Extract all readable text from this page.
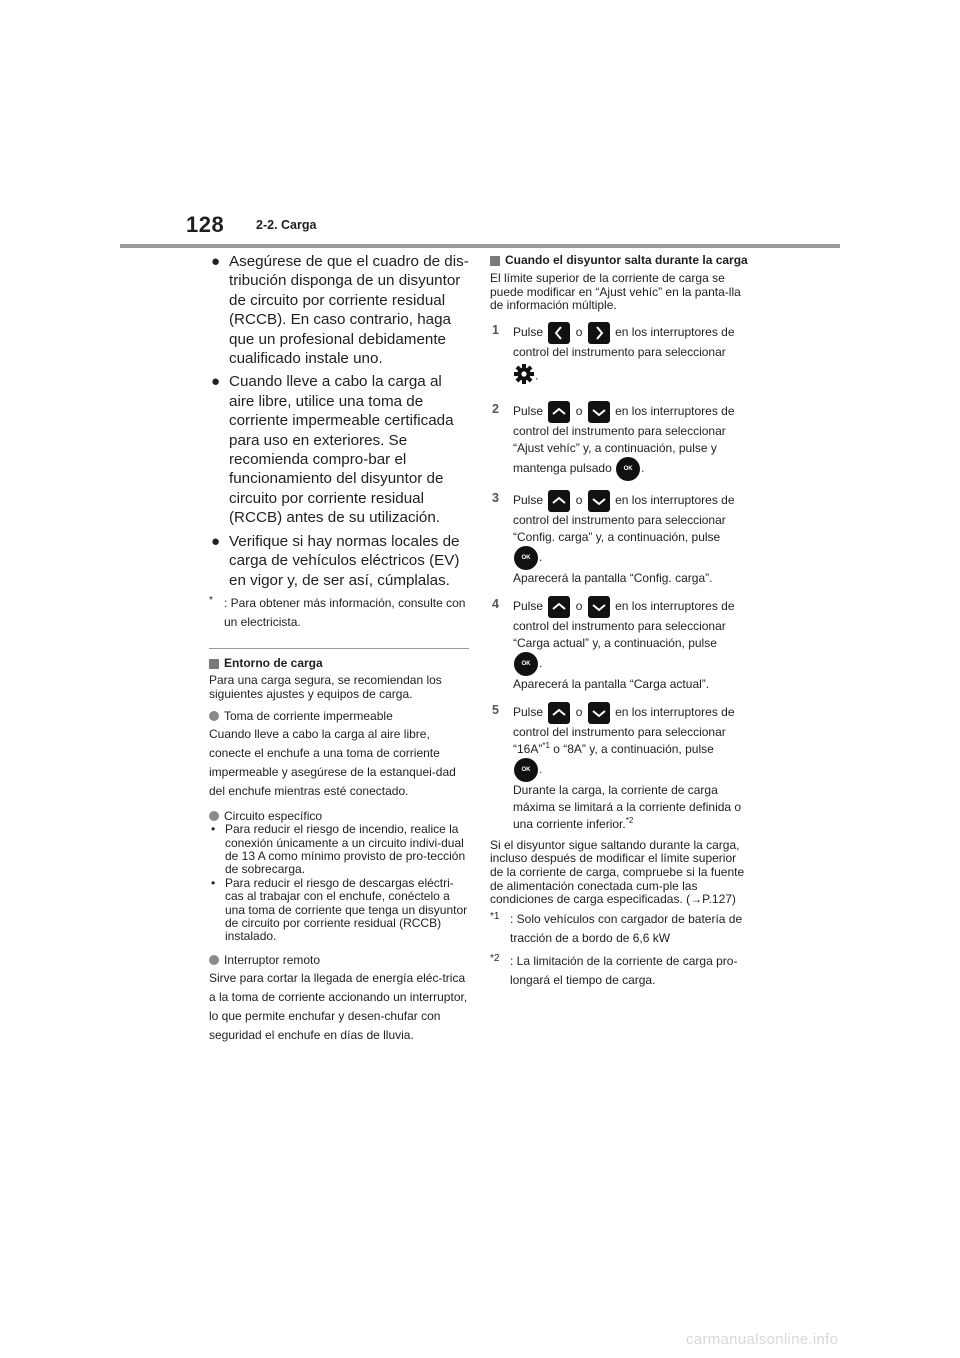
128	2-2. Carga
● Asegúrese de que el cuadro de dis-tribución disponga de un disyuntor de circuito por corriente residual (RCCB). En caso contrario, haga que un profesional debidamente cualificado instale uno.
● Cuando lleve a cabo la carga al aire libre, utilice una toma de corriente impermeable certificada para uso en exteriores. Se recomienda compro-bar el funcionamiento del disyuntor de circuito por corriente residual (RCCB) antes de su utilización.
● Verifique si hay normas locales de carga de vehículos eléctricos (EV) en vigor y, de ser así, cúmplalas.
* : Para obtener más información, consulte con un electricista.
Entorno de carga
Para una carga segura, se recomiendan los siguientes ajustes y equipos de carga.
Toma de corriente impermeable
Cuando lleve a cabo la carga al aire libre, conecte el enchufe a una toma de corriente impermeable y asegúrese de la estanquei-dad del enchufe mientras esté conectado.
Circuito específico
• Para reducir el riesgo de incendio, realice la conexión únicamente a un circuito indivi-dual de 13 A como mínimo provisto de pro-tección de sobrecarga.
• Para reducir el riesgo de descargas eléctri-cas al trabajar con el enchufe, conéctelo a una toma de corriente que tenga un disyuntor de circuito por corriente residual (RCCB) instalado.
Interruptor remoto
Sirve para cortar la llegada de energía eléc-trica a la toma de corriente accionando un interruptor, lo que permite enchufar y desen-chufar con seguridad el enchufe en días de lluvia.
Cuando el disyuntor salta durante la carga
El límite superior de la corriente de carga se puede modificar en “Ajust vehíc” en la panta-lla de información múltiple.
1 Pulse	o	en los interruptores de control del instrumento para seleccionar
.
2 Pulse	o	en los interruptores de control del instrumento para seleccionar “Ajust vehíc” y, a continuación, pulse y mantenga pulsado OK .
3 Pulse	o	en los interruptores de control del instrumento para seleccionar “Config. carga” y, a continuación, pulse
OK .
Aparecerá la pantalla “Config. carga”.
4 Pulse	o	en los interruptores de control del instrumento para seleccionar “Carga actual” y, a continuación, pulse
OK .
Aparecerá la pantalla “Carga actual”.
5 Pulse	o	en los interruptores de control del instrumento para seleccionar “16A”$^{*1}$ o “8A” y, a continuación, pulse
OK .
Durante la carga, la corriente de carga máxima se limitará a la corriente definida o una corriente inferior.$^{*2}$
Si el disyuntor sigue saltando durante la carga, incluso después de modificar el límite superior de la corriente de carga, compruebe si la fuente de alimentación conectada cum-ple las condiciones de carga especificadas. (→P.127)
*1 : Solo vehículos con cargador de batería de tracción de a bordo de 6,6 kW
*2 : La limitación de la corriente de carga pro-longará el tiempo de carga.
carmanualsonline.info
